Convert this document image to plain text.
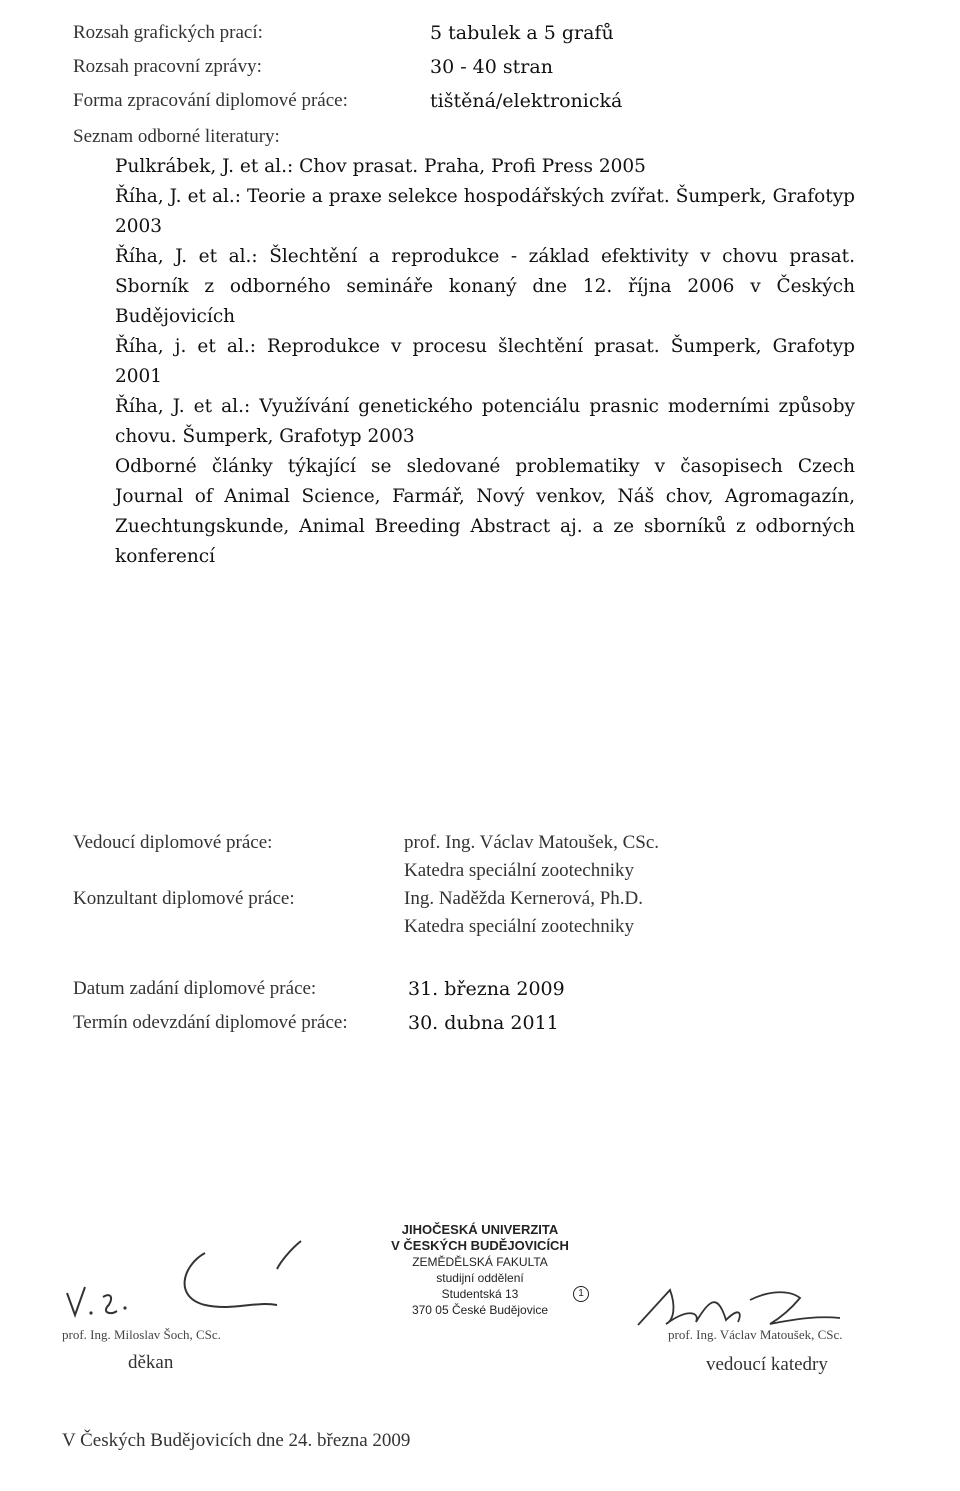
Rozsah grafických prací:	5 tabulek a 5 grafů
Rozsah pracovní zprávy:	30 - 40 stran
Forma zpracování diplomové práce:	tištěná/elektronická
Seznam odborné literatury:

Pulkrábek, J. et al.: Chov prasat. Praha, Profi Press 2005

Říha, J. et al.: Teorie a praxe selekce hospodářských zvířat. Šumperk, Grafotyp 2003

Říha, J. et al.: Šlechtění a reprodukce - základ efektivity v chovu prasat. Sborník z odborného semináře konaný dne 12. října 2006 v Českých Budějovicích

Říha, j. et al.: Reprodukce v procesu šlechtění prasat. Šumperk, Grafotyp 2001

Říha, J. et al.: Využívání genetického potenciálu prasnic moderními způsoby chovu. Šumperk, Grafotyp 2003

Odborné články týkající se sledované problematiky v časopisech Czech Journal of Animal Science, Farmář, Nový venkov, Náš chov, Agromagazín, Zuechtungskunde, Animal Breeding Abstract aj. a ze sborníků z odborných konferencí

Vedoucí diplomové práce:	prof. Ing. Václav Matoušek, CSc.
Katedra speciální zootechniky
Konzultant diplomové práce:	Ing. Naděžda Kernerová, Ph.D.
Katedra speciální zootechniky
Datum zadání diplomové práce:	31. března 2009
Termín odevzdání diplomové práce:	30. dubna 2011
JIHOČESKÁ UNIVERZITA
V ČESKÝCH BUDĚJOVICÍCH
ZEMĚDĚLSKÁ FAKULTA
studijní oddělení
Studentská 13
370 05 České Budějovice
1
prof. Ing. Miloslav Šoch, CSc.
děkan
prof. Ing. Václav Matoušek, CSc.
vedoucí katedry
V Českých Budějovicích dne 24. března 2009
